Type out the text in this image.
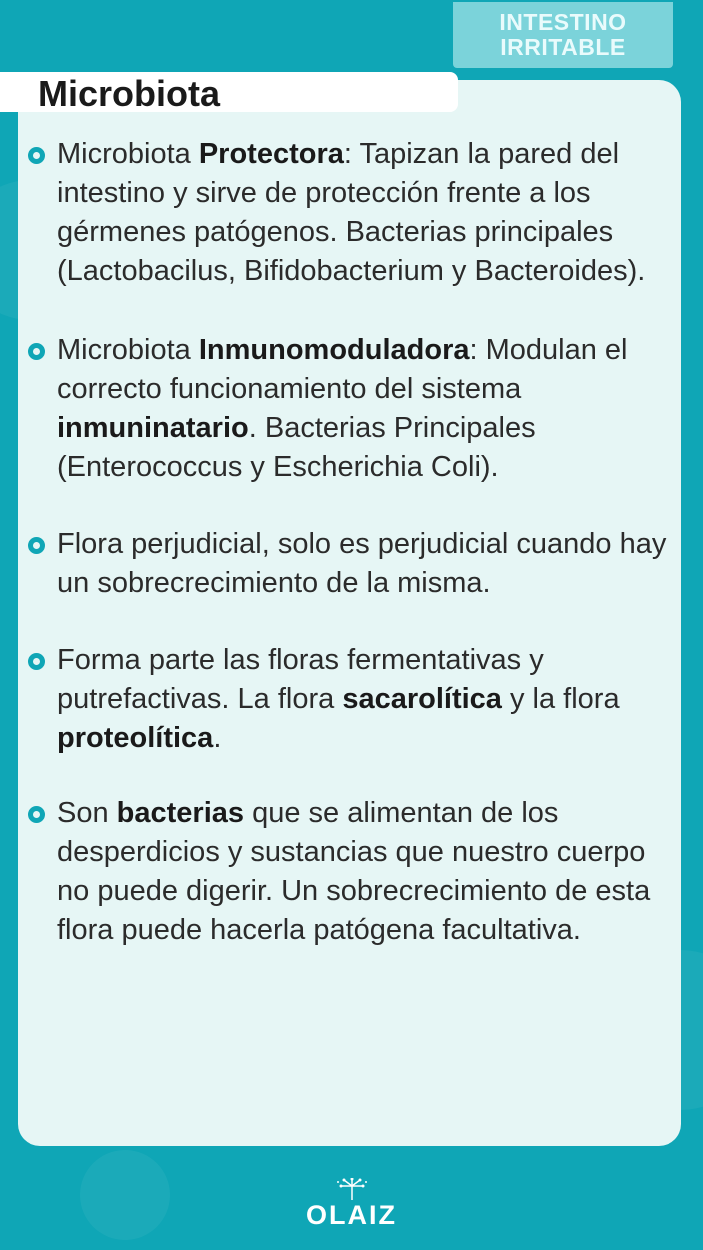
INTESTINO
IRRITABLE
Microbiota

Microbiota Protectora: Tapizan la pared del intestino y sirve de protección frente a los gérmenes patógenos. Bacterias principales (Lactobacilus, Bifidobacterium y Bacteroides).

Microbiota Inmunomoduladora: Modulan el correcto funcionamiento del sistema inmuninatario. Bacterias Principales (Enterococcus y Escherichia Coli).

Flora perjudicial, solo es perjudicial cuando hay un sobrecrecimiento de la misma.

Forma parte las floras fermentativas y putrefactivas. La flora sacarolítica y la flora proteolítica.

Son bacterias que se alimentan de los desperdicios y sustancias que nuestro cuerpo no puede digerir. Un sobrecrecimiento de esta flora puede hacerla patógena facultativa.

OLAIZ
